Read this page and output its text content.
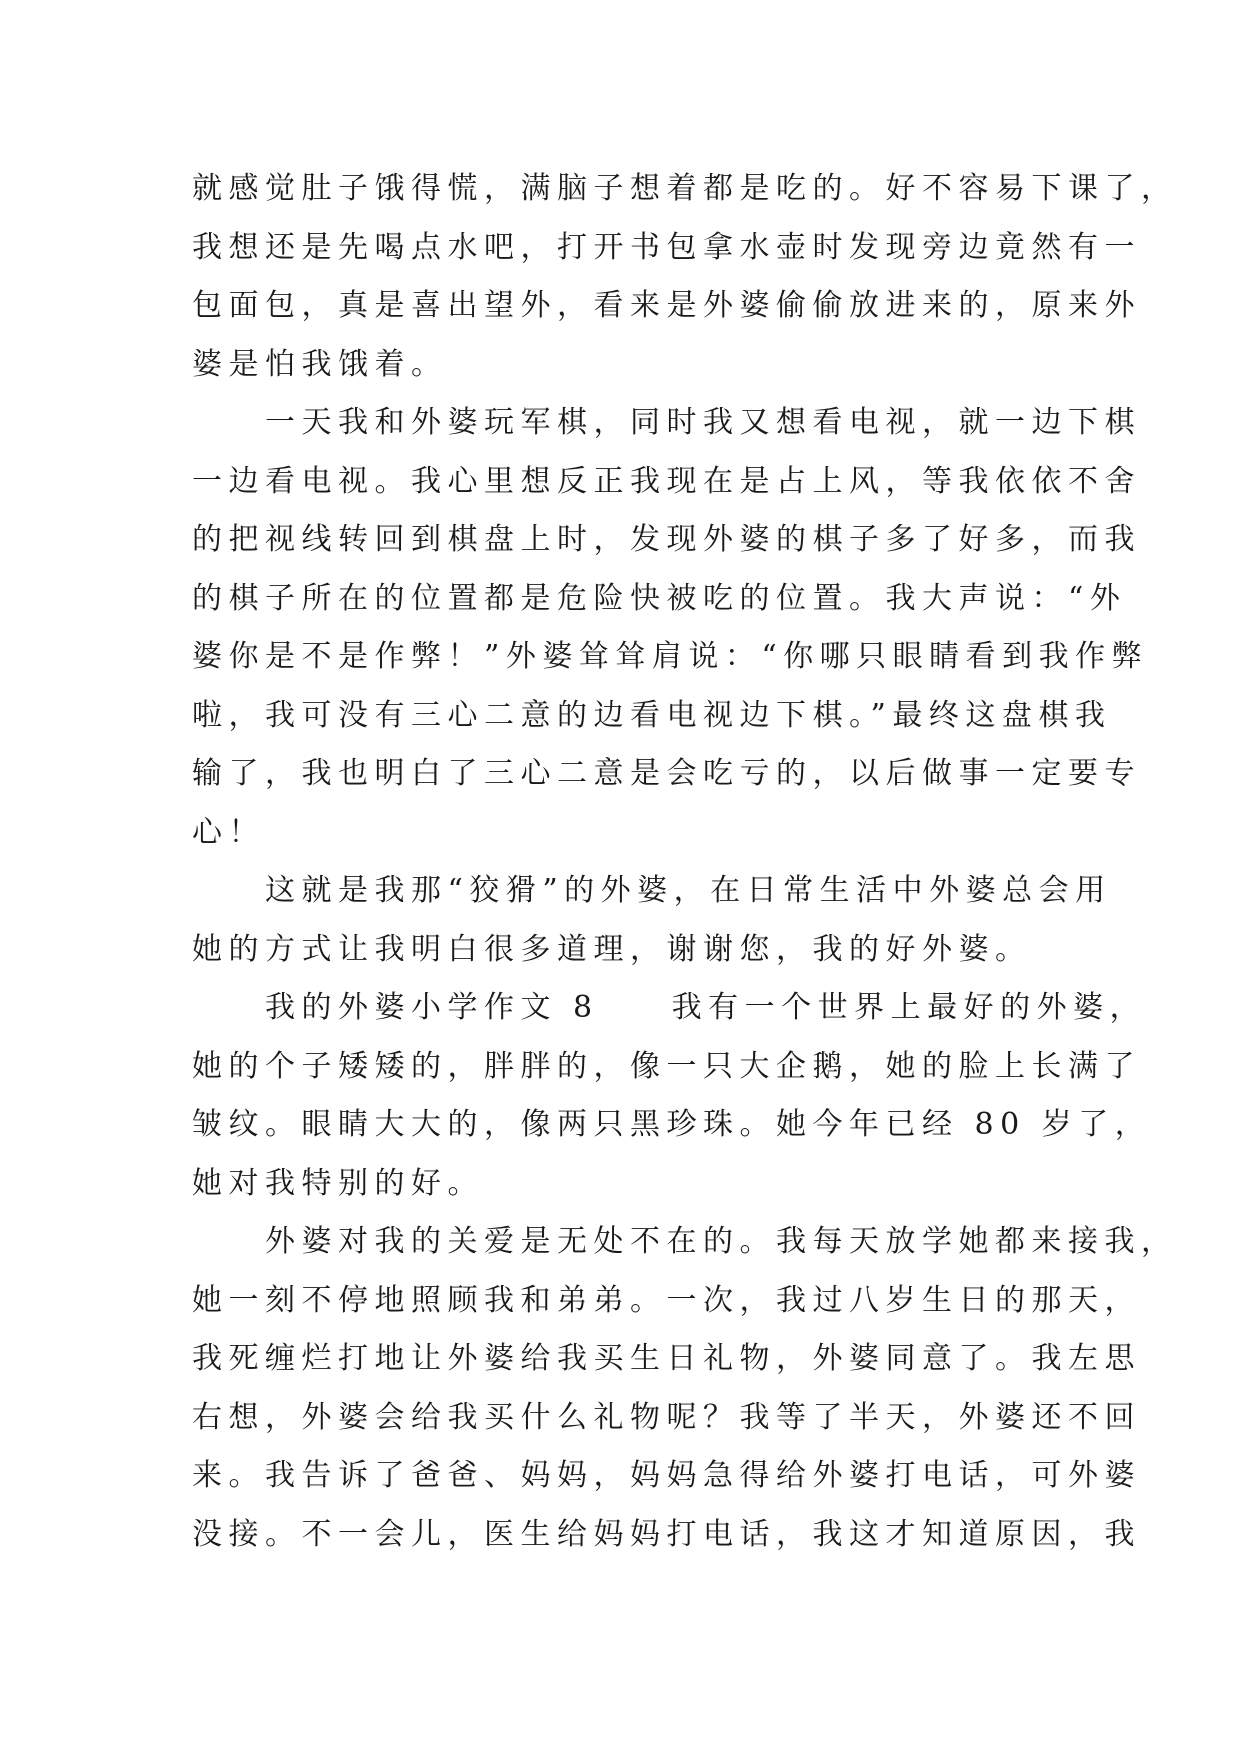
就感觉肚子饿得慌，满脑子想着都是吃的。好不容易下课了，
我想还是先喝点水吧，打开书包拿水壶时发现旁边竟然有一
包面包，真是喜出望外，看来是外婆偷偷放进来的，原来外
婆是怕我饿着。
　　一天我和外婆玩军棋，同时我又想看电视，就一边下棋
一边看电视。我心里想反正我现在是占上风，等我依依不舍
的把视线转回到棋盘上时，发现外婆的棋子多了好多，而我
的棋子所在的位置都是危险快被吃的位置。我大声说：“外
婆你是不是作弊！”外婆耸耸肩说：“你哪只眼睛看到我作弊
啦，我可没有三心二意的边看电视边下棋。”最终这盘棋我
输了，我也明白了三心二意是会吃亏的，以后做事一定要专
心！
　　这就是我那“狡猾”的外婆，在日常生活中外婆总会用
她的方式让我明白很多道理，谢谢您，我的好外婆。
　　我的外婆小学作文 8　　我有一个世界上最好的外婆，
她的个子矮矮的，胖胖的，像一只大企鹅，她的脸上长满了
皱纹。眼睛大大的，像两只黑珍珠。她今年已经 80 岁了，
她对我特别的好。
　　外婆对我的关爱是无处不在的。我每天放学她都来接我，
她一刻不停地照顾我和弟弟。一次，我过八岁生日的那天，
我死缠烂打地让外婆给我买生日礼物，外婆同意了。我左思
右想，外婆会给我买什么礼物呢？我等了半天，外婆还不回
来。我告诉了爸爸、妈妈，妈妈急得给外婆打电话，可外婆
没接。不一会儿，医生给妈妈打电话，我这才知道原因，我
